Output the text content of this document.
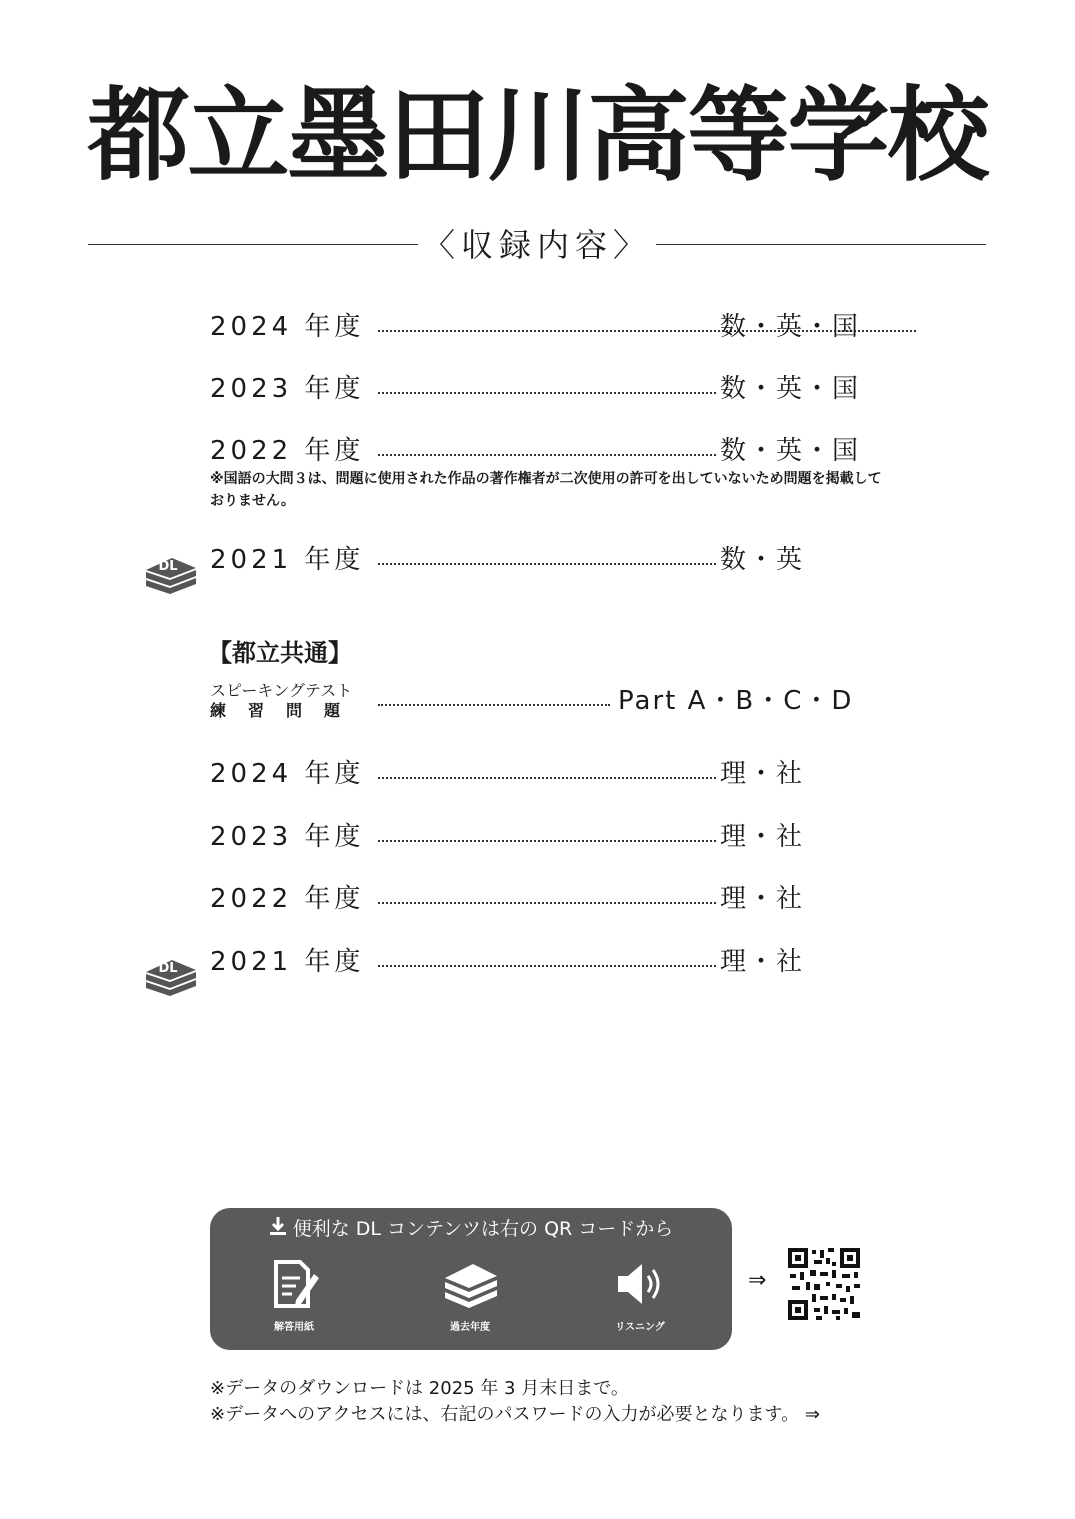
都立墨田川高等学校
〈収録内容〉
2024 年度	数・英・国
2023 年度	数・英・国
2022 年度	数・英・国
※国語の大問３は、問題に使用された作品の著作権者が二次使用の許可を出していないため問題を掲載しておりません。
DL 2021 年度	数・英
【都立共通】
スピーキングテスト
練習問題	Part A・B・C・D
2024 年度	理・社
2023 年度	理・社
2022 年度	理・社
DL 2021 年度	理・社
便利な DL コンテンツは右の QR コードから
解答用紙	過去年度	リスニング
⇒
※データのダウンロードは 2025 年 3 月末日まで。
※データへのアクセスには、右記のパスワードの入力が必要となります。 ⇒
